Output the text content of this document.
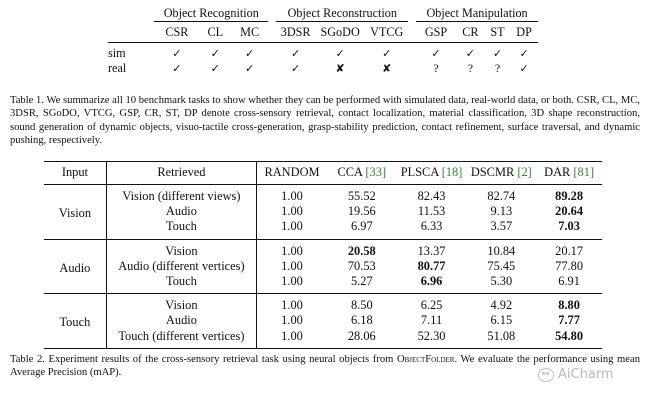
	Object Recognition				Object Reconstruction				Object Manipulation			
	CSR	CL	MC		3DSR	SGoDO	VTCG		GSP	CR	ST	DP
sim	✓	✓	✓		✓	✓	✓		✓	✓	✓	✓
real	✓	✓	✓		✓	✘	✘		?	?	?	✓
Table 1. We summarize all 10 benchmark tasks to show whether they can be performed with simulated data, real-world data, or both. CSR, CL, MC, 3DSR, SGoDO, VTCG, GSP, CR, ST, DP denote cross-sensory retrieval, contact localization, material classification, 3D shape reconstruction, sound generation of dynamic objects, visuo-tactile cross-generation, grasp-stability prediction, contact refinement, surface traversal, and dynamic pushing, respectively.
Input	Retrieved	RANDOM	CCA [33]	PLSCA [18]	DSCMR [2]	DAR [81]
Vision	Vision (different views)	1.00	55.52	82.43	82.74	89.28
	Audio	1.00	19.56	11.53	9.13	20.64
	Touch	1.00	6.97	6.33	3.57	7.03
Audio	Vision	1.00	20.58	13.37	10.84	20.17
	Audio (different vertices)	1.00	70.53	80.77	75.45	77.80
	Touch	1.00	5.27	6.96	5.30	6.91
Touch	Vision	1.00	8.50	6.25	4.92	8.80
	Audio	1.00	6.18	7.11	6.15	7.77
	Touch (different vertices)	1.00	28.06	52.30	51.08	54.80
Table 2. Experiment results of the cross-sensory retrieval task using neural objects from ObjectFolder. We evaluate the performance using mean Average Precision (mAP).	AiCharm
